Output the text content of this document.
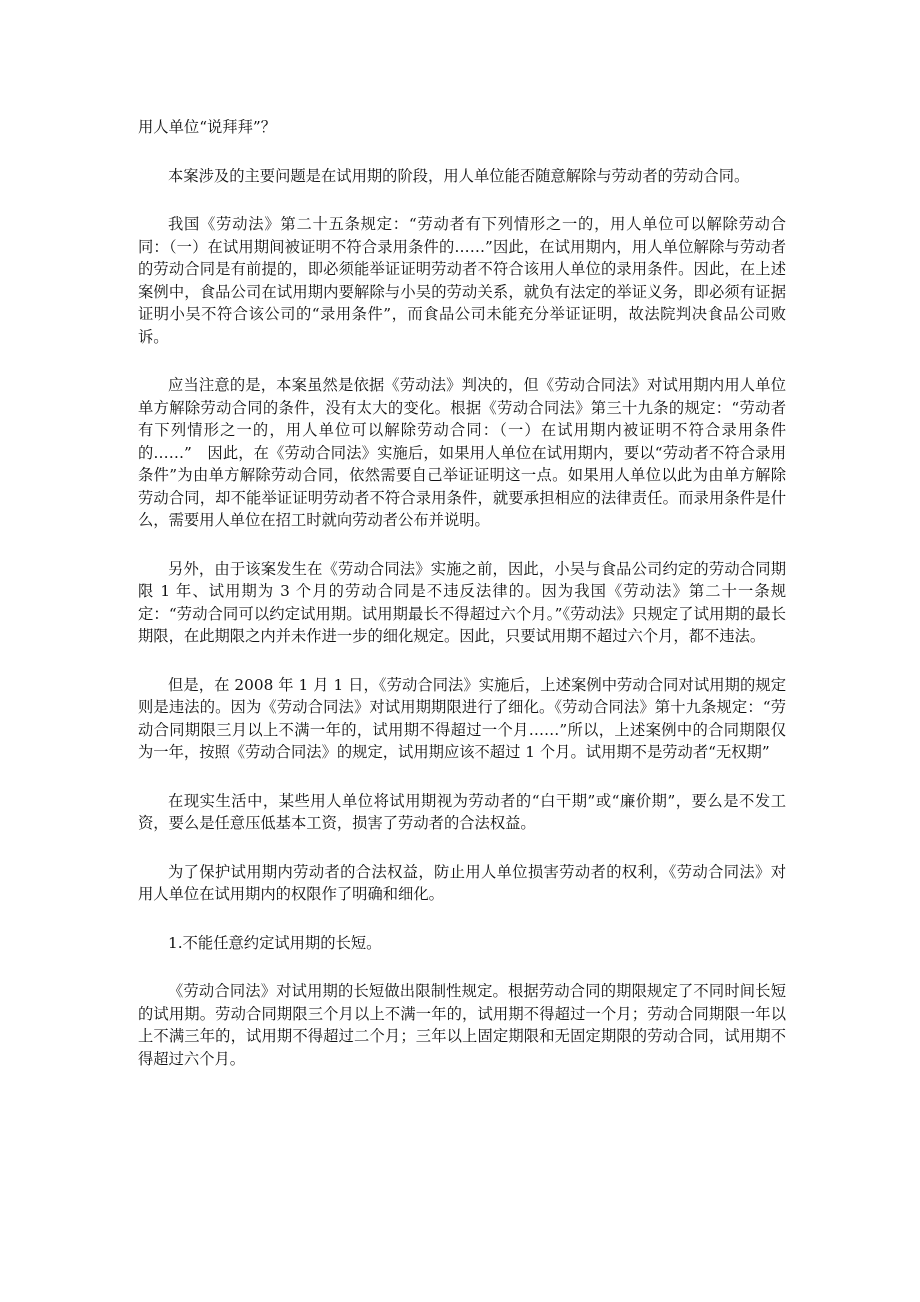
用人单位“说拜拜”？

本案涉及的主要问题是在试用期的阶段，用人单位能否随意解除与劳动者的劳动合同。

我国《劳动法》第二十五条规定：“劳动者有下列情形之一的，用人单位可以解除劳动合同：（一）在试用期间被证明不符合录用条件的……”因此，在试用期内，用人单位解除与劳动者的劳动合同是有前提的，即必须能举证证明劳动者不符合该用人单位的录用条件。因此，在上述案例中，食品公司在试用期内要解除与小吴的劳动关系，就负有法定的举证义务，即必须有证据证明小吴不符合该公司的“录用条件”，而食品公司未能充分举证证明，故法院判决食品公司败诉。

应当注意的是，本案虽然是依据《劳动法》判决的，但《劳动合同法》对试用期内用人单位单方解除劳动合同的条件，没有太大的变化。根据《劳动合同法》第三十九条的规定：“劳动者有下列情形之一的，用人单位可以解除劳动合同：（一）在试用期内被证明不符合录用条件的……”　因此，在《劳动合同法》实施后，如果用人单位在试用期内，要以“劳动者不符合录用条件”为由单方解除劳动合同，依然需要自己举证证明这一点。如果用人单位以此为由单方解除劳动合同，却不能举证证明劳动者不符合录用条件，就要承担相应的法律责任。而录用条件是什么，需要用人单位在招工时就向劳动者公布并说明。

另外，由于该案发生在《劳动合同法》实施之前，因此，小吴与食品公司约定的劳动合同期限 1 年、试用期为 3 个月的劳动合同是不违反法律的。因为我国《劳动法》第二十一条规定：“劳动合同可以约定试用期。试用期最长不得超过六个月。”《劳动法》只规定了试用期的最长期限，在此期限之内并未作进一步的细化规定。因此，只要试用期不超过六个月，都不违法。

但是，在 2008 年 1 月 1 日，《劳动合同法》实施后，上述案例中劳动合同对试用期的规定则是违法的。因为《劳动合同法》对试用期期限进行了细化。《劳动合同法》第十九条规定：“劳动合同期限三月以上不满一年的，试用期不得超过一个月……”所以，上述案例中的合同期限仅为一年，按照《劳动合同法》的规定，试用期应该不超过 1 个月。试用期不是劳动者“无权期”

在现实生活中，某些用人单位将试用期视为劳动者的“白干期”或“廉价期”，要么是不发工资，要么是任意压低基本工资，损害了劳动者的合法权益。

为了保护试用期内劳动者的合法权益，防止用人单位损害劳动者的权利，《劳动合同法》对用人单位在试用期内的权限作了明确和细化。

1.不能任意约定试用期的长短。

《劳动合同法》对试用期的长短做出限制性规定。根据劳动合同的期限规定了不同时间长短的试用期。劳动合同期限三个月以上不满一年的，试用期不得超过一个月；劳动合同期限一年以上不满三年的，试用期不得超过二个月；三年以上固定期限和无固定期限的劳动合同，试用期不得超过六个月。
